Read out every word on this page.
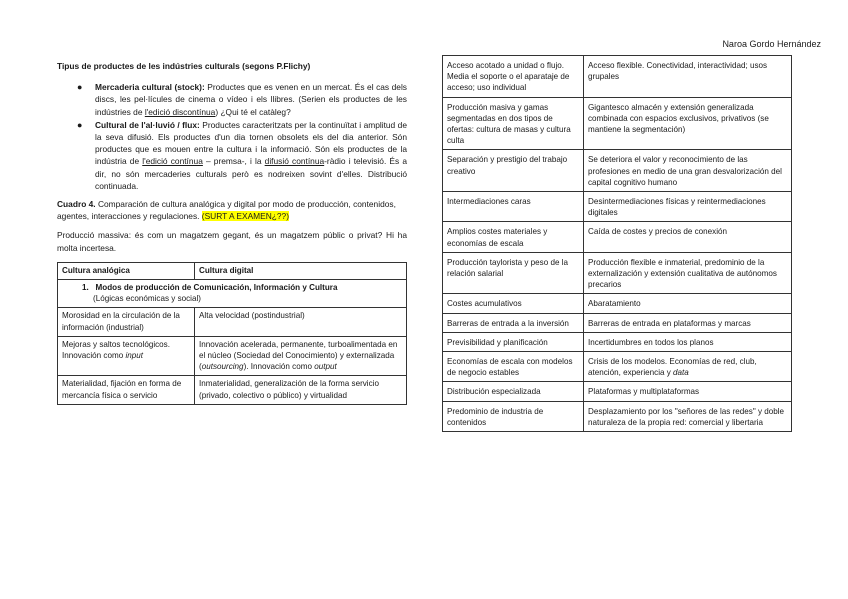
Naroa Gordo Hernández
Tipus de productes de les indústries culturals (segons P.Flichy)
● Mercaderia cultural (stock): Productes que es venen en un mercat. És el cas dels discs, les pel·lícules de cinema o vídeo i els llibres. (Serien els productes de les indústries de l'edició discontínua) ¿Qui té el catàleg?
● Cultural de l'al·luvió / flux: Productes caracteritzats per la continuïtat i amplitud de la seva difusió. Els productes d'un dia tornen obsolets els del dia anterior. Són productes que es mouen entre la cultura i la informació. Són els productes de la indústria de l'edició contínua – premsa-, i la difusió contínua-ràdio i televisió. És a dir, no són mercaderies culturals però es nodreixen sovint d'elles. Distribució continuada.
Cuadro 4. Comparación de cultura analógica y digital por modo de producción, contenidos, agentes, interacciones y regulaciones. (SURT A EXAMEN¿??)
Producció massiva: és com un magatzem gegant, és un magatzem públic o privat? Hi ha molta incertesa.
Cultura analógica	Cultura digital
1. Modos de producción de Comunicación, Información y Cultura
(Lógicas económicas y social)	
Morosidad en la circulación de la información (industrial)	Alta velocidad (postindustrial)
Mejoras y saltos tecnológicos. Innovación como input	Innovación acelerada, permanente, turboalimentada en el núcleo (Sociedad del Conocimiento) y externalizada (outsourcing). Innovación como output
Materialidad, fijación en forma de mercancía física o servicio	Inmaterialidad, generalización de la forma servicio (privado, colectivo o público) y virtualidad
Acceso acotado a unidad o flujo. Media el soporte o el aparataje de acceso; uso individual	Acceso flexible. Conectividad, interactividad; usos grupales
Producción masiva y gamas segmentadas en dos tipos de ofertas: cultura de masas y cultura culta	Gigantesco almacén y extensión generalizada combinada con espacios exclusivos, privativos (se mantiene la segmentación)
Separación y prestigio del trabajo creativo	Se deteriora el valor y reconocimiento de las profesiones en medio de una gran desvalorización del capital cognitivo humano
Intermediaciones caras	Desintermediaciones físicas y reintermediaciones digitales
Amplios costes materiales y economías de escala	Caída de costes y precios de conexión
Producción taylorista y peso de la relación salarial	Producción flexible e inmaterial, predominio de la externalización y extensión cualitativa de autónomos precarios
Costes acumulativos	Abaratamiento
Barreras de entrada a la inversión	Barreras de entrada en plataformas y marcas
Previsibilidad y planificación	Incertidumbres en todos los planos
Economías de escala con modelos de negocio estables	Crisis de los modelos. Economías de red, club, atención, experiencia y data
Distribución especializada	Plataformas y multiplataformas
Predominio de industria de contenidos	Desplazamiento por los "señores de las redes" y doble naturaleza de la propia red: comercial y libertaria
